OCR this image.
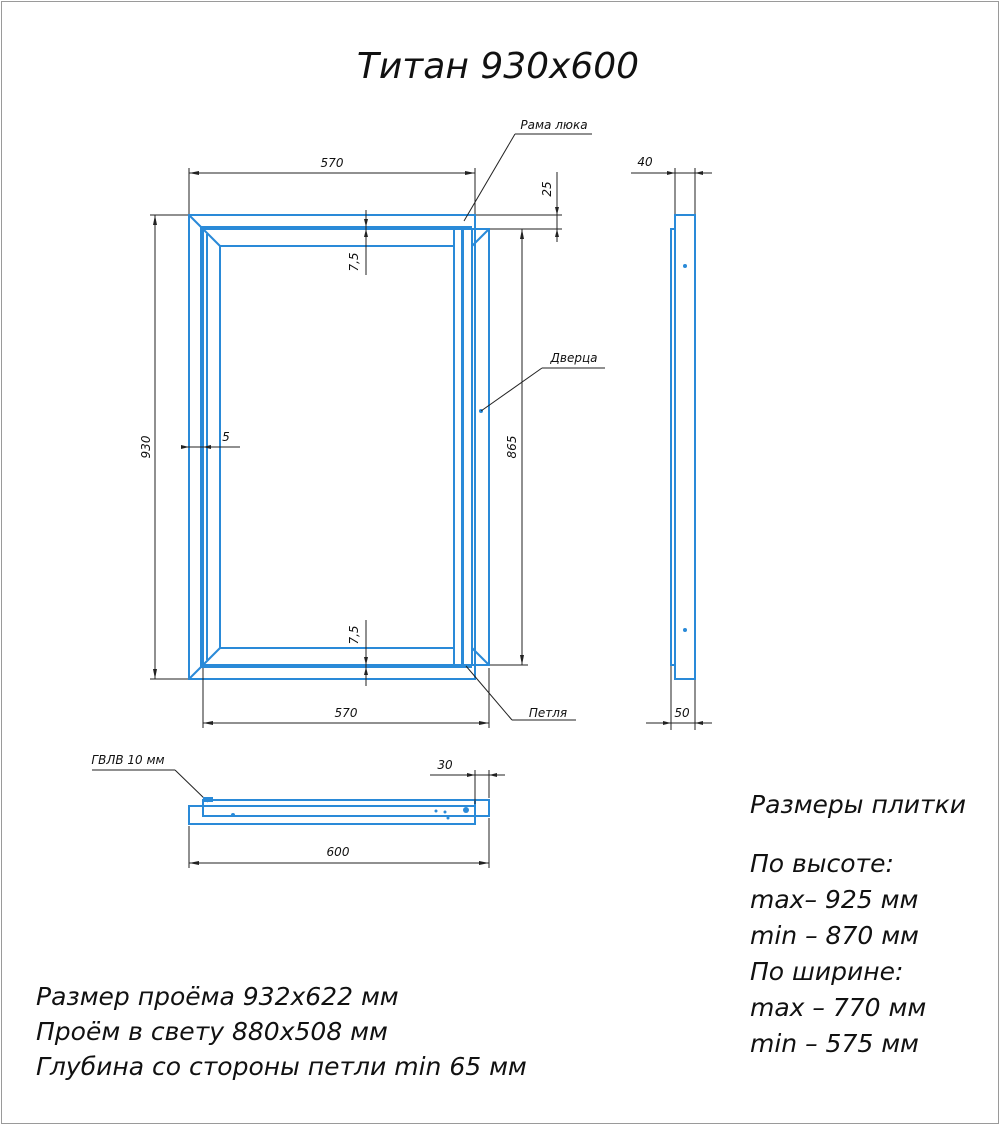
Титан 930х600
570
570
930	865
7,5
7,5
5
25
40
50
600
30
Рама люка
Дверца
Петля
ГВЛВ 10 мм
Размеры плитки
По высоте:
max– 925 мм
min – 870 мм
По ширине:
max – 770 мм
min – 575 мм
Размер проёма 932х622 мм
Проём в свету 880х508 мм
Глубина со стороны петли min 65 мм
